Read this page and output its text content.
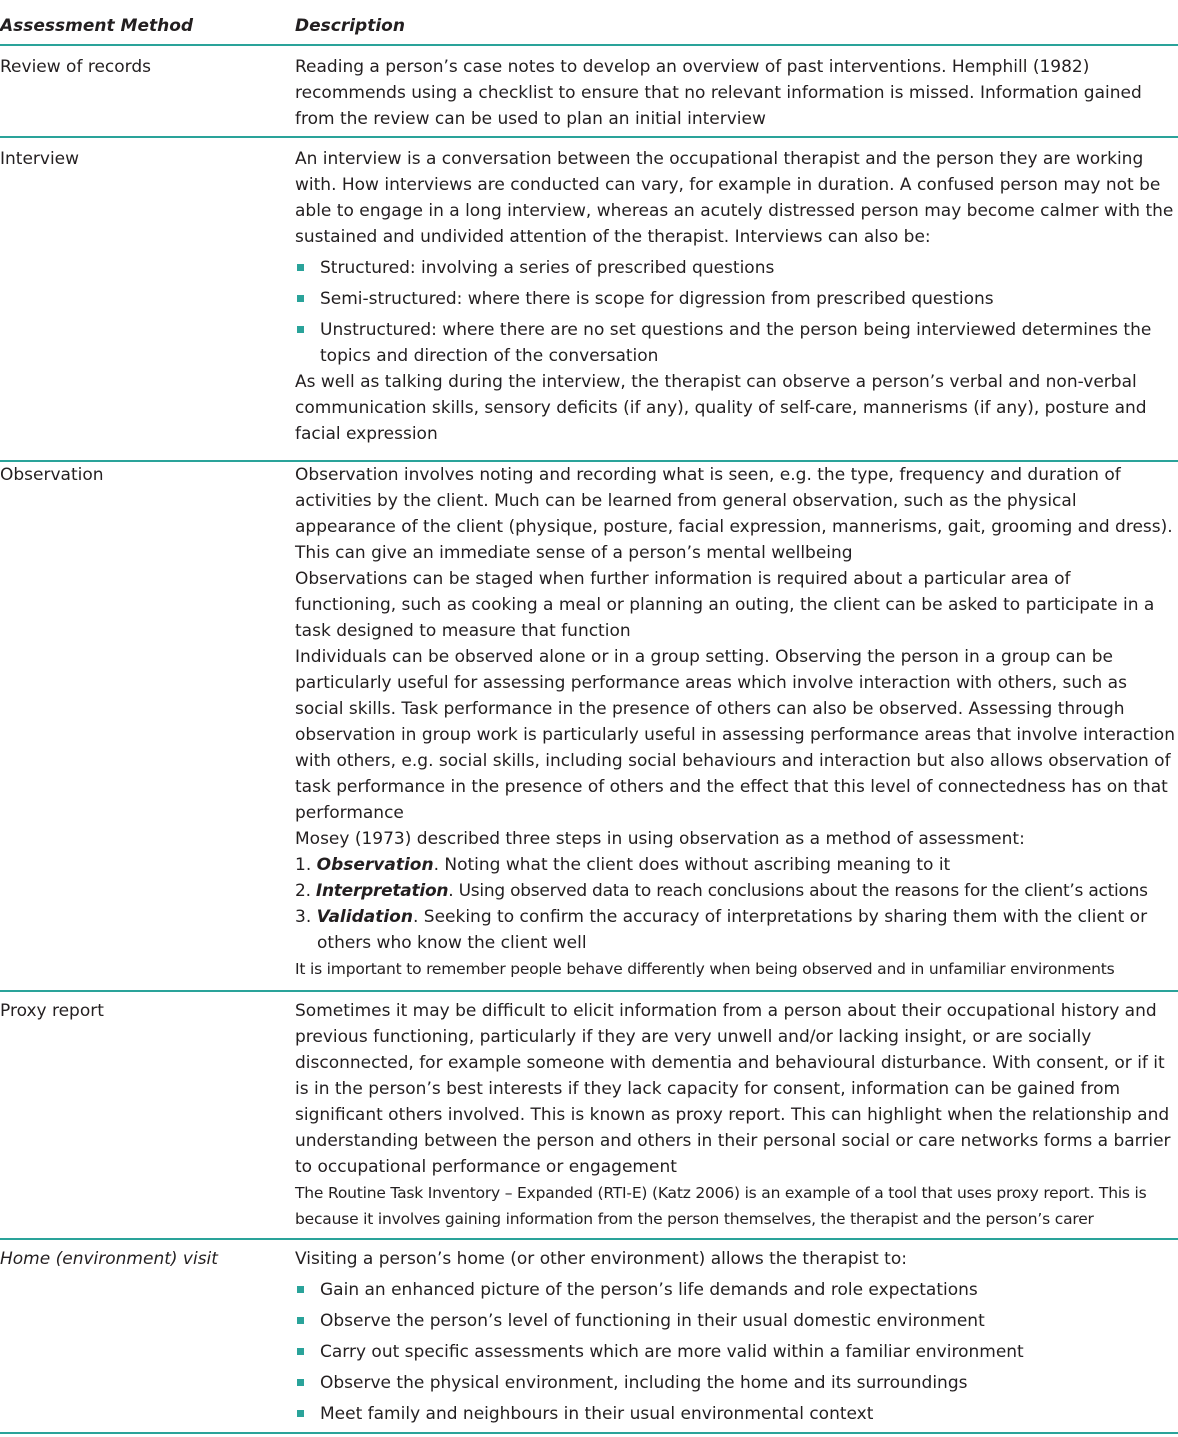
Assessment Method	Description
Review of records	Reading a person’s case notes to develop an overview of past interventions. Hemphill (1982) recommends using a checklist to ensure that no relevant information is missed. Information gained from the review can be used to plan an initial interview

Interview	An interview is a conversation between the occupational therapist and the person they are working with. How interviews are conducted can vary, for example in duration. A confused person may not be able to engage in a long interview, whereas an acutely distressed person may become calmer with the sustained and undivided attention of the therapist. Interviews can also be:

Structured: involving a series of prescribed questions
Semi-structured: where there is scope for digression from prescribed questions
Unstructured: where there are no set questions and the person being interviewed determines the topics and direction of the conversation

As well as talking during the interview, the therapist can observe a person’s verbal and non-verbal communication skills, sensory deficits (if any), quality of self-care, mannerisms (if any), posture and facial expression

Observation	Observation involves noting and recording what is seen, e.g. the type, frequency and duration of activities by the client. Much can be learned from general observation, such as the physical appearance of the client (physique, posture, facial expression, mannerisms, gait, grooming and dress). This can give an immediate sense of a person’s mental wellbeing

Observations can be staged when further information is required about a particular area of functioning, such as cooking a meal or planning an outing, the client can be asked to participate in a task designed to measure that function

Individuals can be observed alone or in a group setting. Observing the person in a group can be particularly useful for assessing performance areas which involve interaction with others, such as social skills. Task performance in the presence of others can also be observed. Assessing through observation in group work is particularly useful in assessing performance areas that involve interaction with others, e.g. social skills, including social behaviours and interaction but also allows observation of task performance in the presence of others and the effect that this level of connectedness has on that performance

Mosey (1973) described three steps in using observation as a method of assessment:

1. Observation. Noting what the client does without ascribing meaning to it
2. Interpretation. Using observed data to reach conclusions about the reasons for the client’s actions
3. Validation. Seeking to confirm the accuracy of interpretations by sharing them with the client or others who know the client well

It is important to remember people behave differently when being observed and in unfamiliar environments

Proxy report	Sometimes it may be difficult to elicit information from a person about their occupational history and previous functioning, particularly if they are very unwell and/or lacking insight, or are socially disconnected, for example someone with dementia and behavioural disturbance. With consent, or if it is in the person’s best interests if they lack capacity for consent, information can be gained from significant others involved. This is known as proxy report. This can highlight when the relationship and understanding between the person and others in their personal social or care networks forms a barrier to occupational performance or engagement

The Routine Task Inventory – Expanded (RTI-E) (Katz 2006) is an example of a tool that uses proxy report. This is because it involves gaining information from the person themselves, the therapist and the person’s carer

Home (environment) visit	Visiting a person’s home (or other environment) allows the therapist to:

Gain an enhanced picture of the person’s life demands and role expectations
Observe the person’s level of functioning in their usual domestic environment
Carry out specific assessments which are more valid within a familiar environment
Observe the physical environment, including the home and its surroundings
Meet family and neighbours in their usual environmental context
